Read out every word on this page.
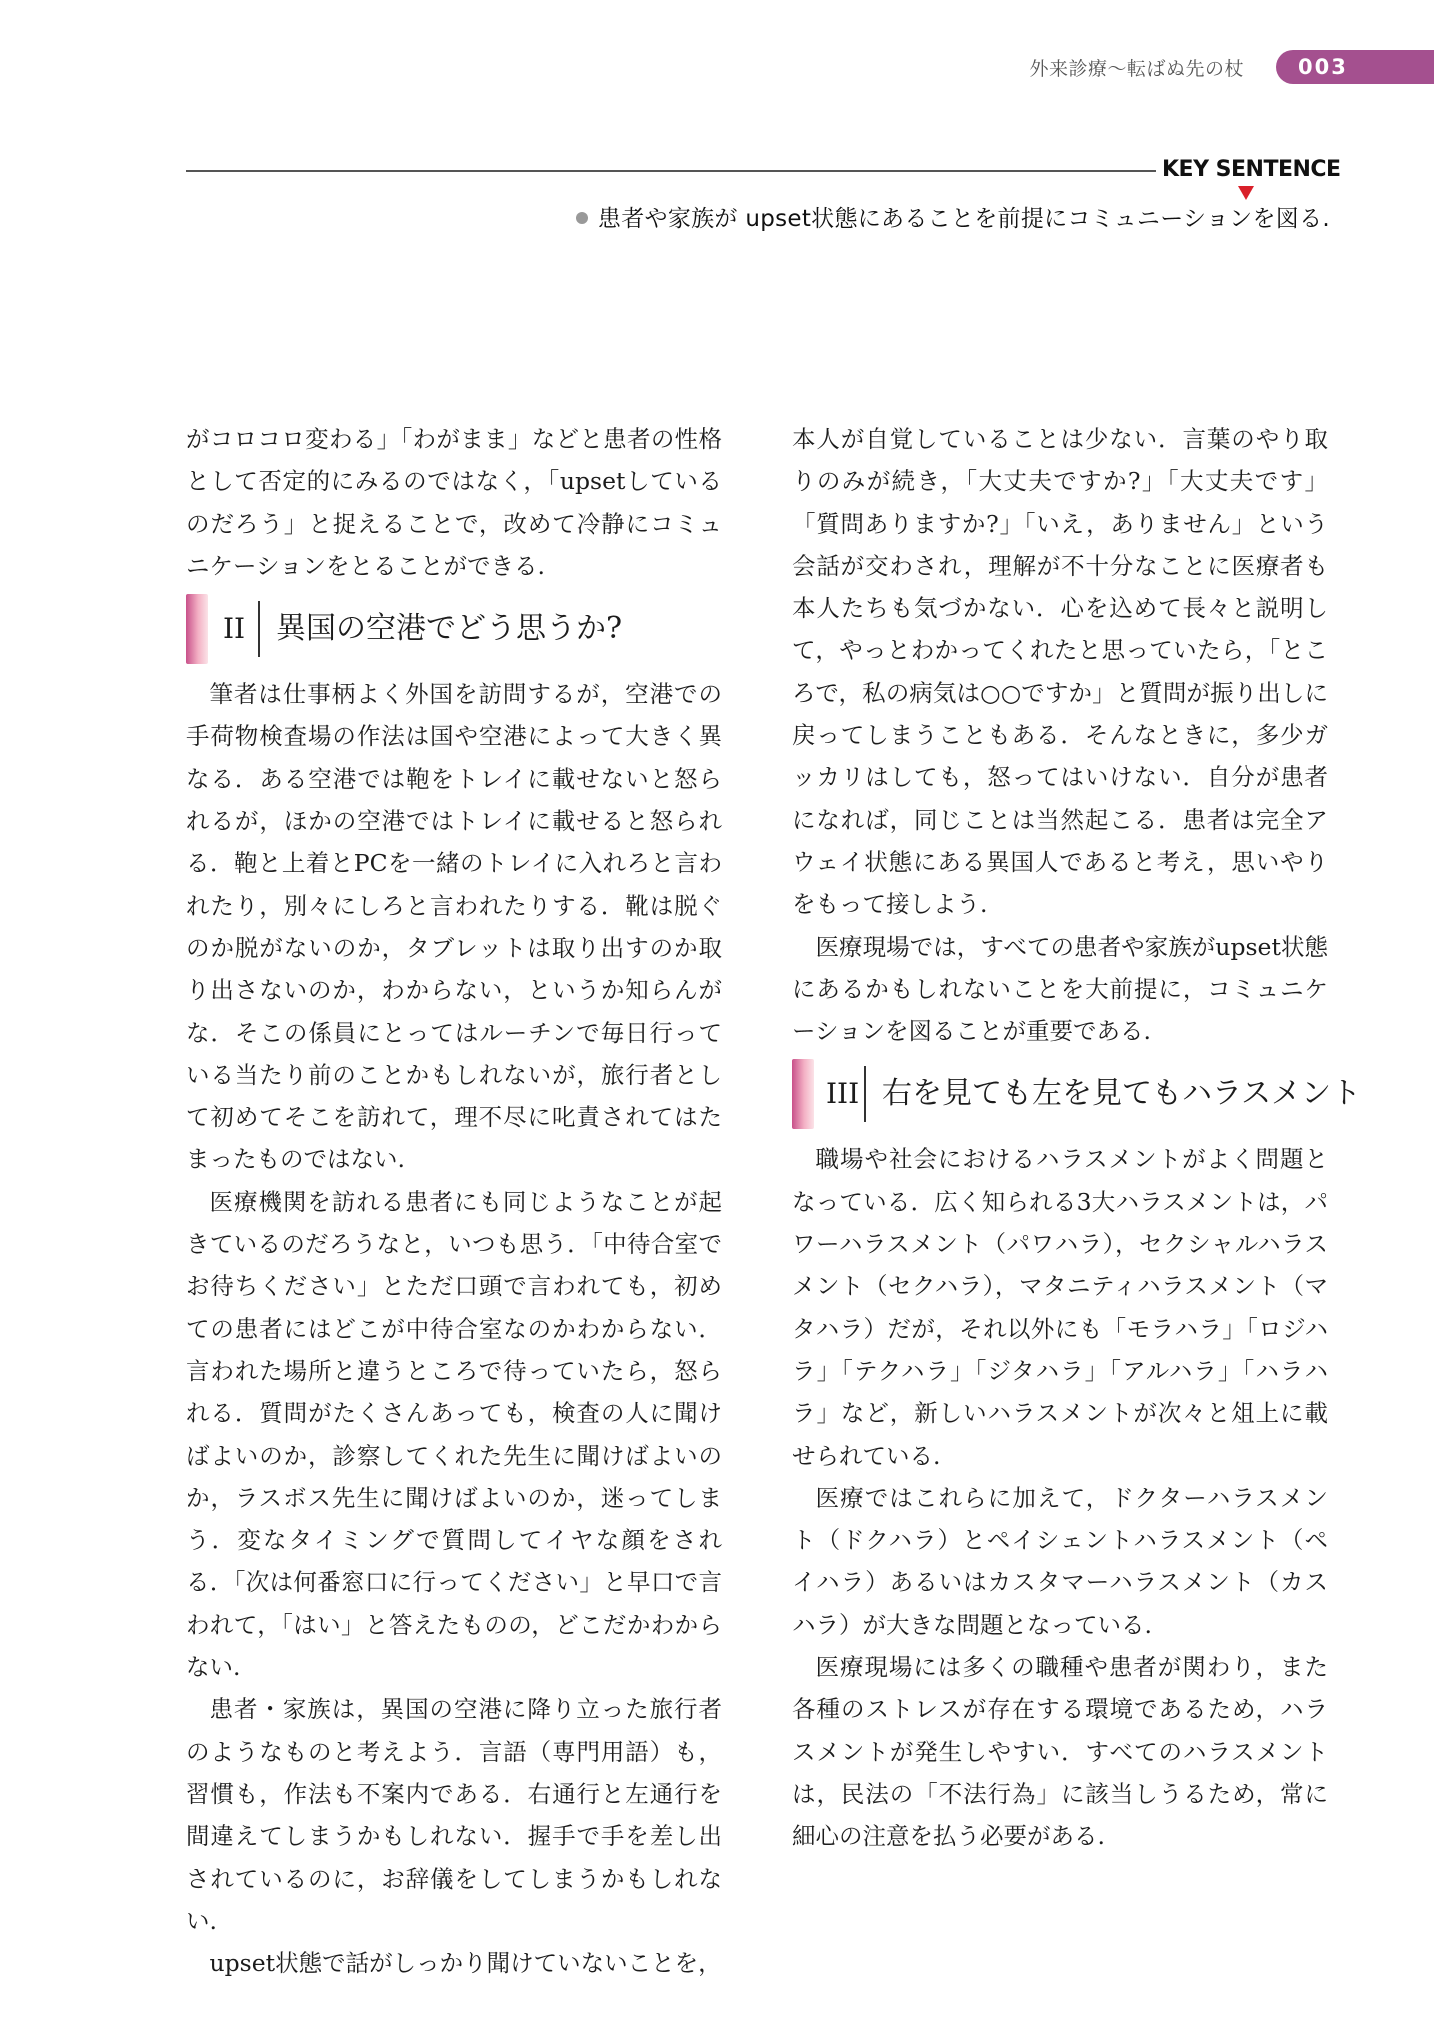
外来診療〜転ばぬ先の杖	003
KEY SENTENCE
患者や家族が upset状態にあることを前提にコミュニーションを図る.

がコロコロ変わる」「わがまま」などと患者の性格として否定的にみるのではなく，「upsetしているのだろう」と捉えることで，改めて冷静にコミュニケーションをとることができる.

II	異国の空港でどう思うか?

筆者は仕事柄よく外国を訪問するが，空港での手荷物検査場の作法は国や空港によって大きく異なる．ある空港では鞄をトレイに載せないと怒られるが，ほかの空港ではトレイに載せると怒られる．鞄と上着とPCを一緒のトレイに入れろと言われたり，別々にしろと言われたりする．靴は脱ぐのか脱がないのか，タブレットは取り出すのか取り出さないのか，わからない，というか知らんがな．そこの係員にとってはルーチンで毎日行っている当たり前のことかもしれないが，旅行者として初めてそこを訪れて，理不尽に叱責されてはたまったものではない.

医療機関を訪れる患者にも同じようなことが起きているのだろうなと，いつも思う．「中待合室でお待ちください」とただ口頭で言われても，初めての患者にはどこが中待合室なのかわからない．言われた場所と違うところで待っていたら，怒られる．質問がたくさんあっても，検査の人に聞けばよいのか，診察してくれた先生に聞けばよいのか，ラスボス先生に聞けばよいのか，迷ってしまう．変なタイミングで質問してイヤな顔をされる．「次は何番窓口に行ってください」と早口で言われて，「はい」と答えたものの，どこだかわからない.

患者・家族は，異国の空港に降り立った旅行者のようなものと考えよう．言語（専門用語）も，習慣も，作法も不案内である．右通行と左通行を間違えてしまうかもしれない．握手で手を差し出されているのに，お辞儀をしてしまうかもしれない.

upset状態で話がしっかり聞けていないことを，

本人が自覚していることは少ない．言葉のやり取りのみが続き，「大丈夫ですか?」「大丈夫です」「質問ありますか?」「いえ，ありません」という会話が交わされ，理解が不十分なことに医療者も本人たちも気づかない．心を込めて長々と説明して，やっとわかってくれたと思っていたら，「ところで，私の病気は○○ですか」と質問が振り出しに戻ってしまうこともある．そんなときに，多少ガッカリはしても，怒ってはいけない．自分が患者になれば，同じことは当然起こる．患者は完全アウェイ状態にある異国人であると考え，思いやりをもって接しよう.

医療現場では，すべての患者や家族がupset状態にあるかもしれないことを大前提に，コミュニケーションを図ることが重要である.

III 右を見ても左を見てもハラスメント

職場や社会におけるハラスメントがよく問題となっている．広く知られる3大ハラスメントは，パワーハラスメント（パワハラ），セクシャルハラスメント（セクハラ），マタニティハラスメント（マタハラ）だが，それ以外にも「モラハラ」「ロジハラ」「テクハラ」「ジタハラ」「アルハラ」「ハラハラ」など，新しいハラスメントが次々と俎上に載せられている.

医療ではこれらに加えて，ドクターハラスメント（ドクハラ）とペイシェントハラスメント（ペイハラ）あるいはカスタマーハラスメント（カスハラ）が大きな問題となっている.

医療現場には多くの職種や患者が関わり，また各種のストレスが存在する環境であるため，ハラスメントが発生しやすい．すべてのハラスメントは，民法の「不法行為」に該当しうるため，常に細心の注意を払う必要がある.
